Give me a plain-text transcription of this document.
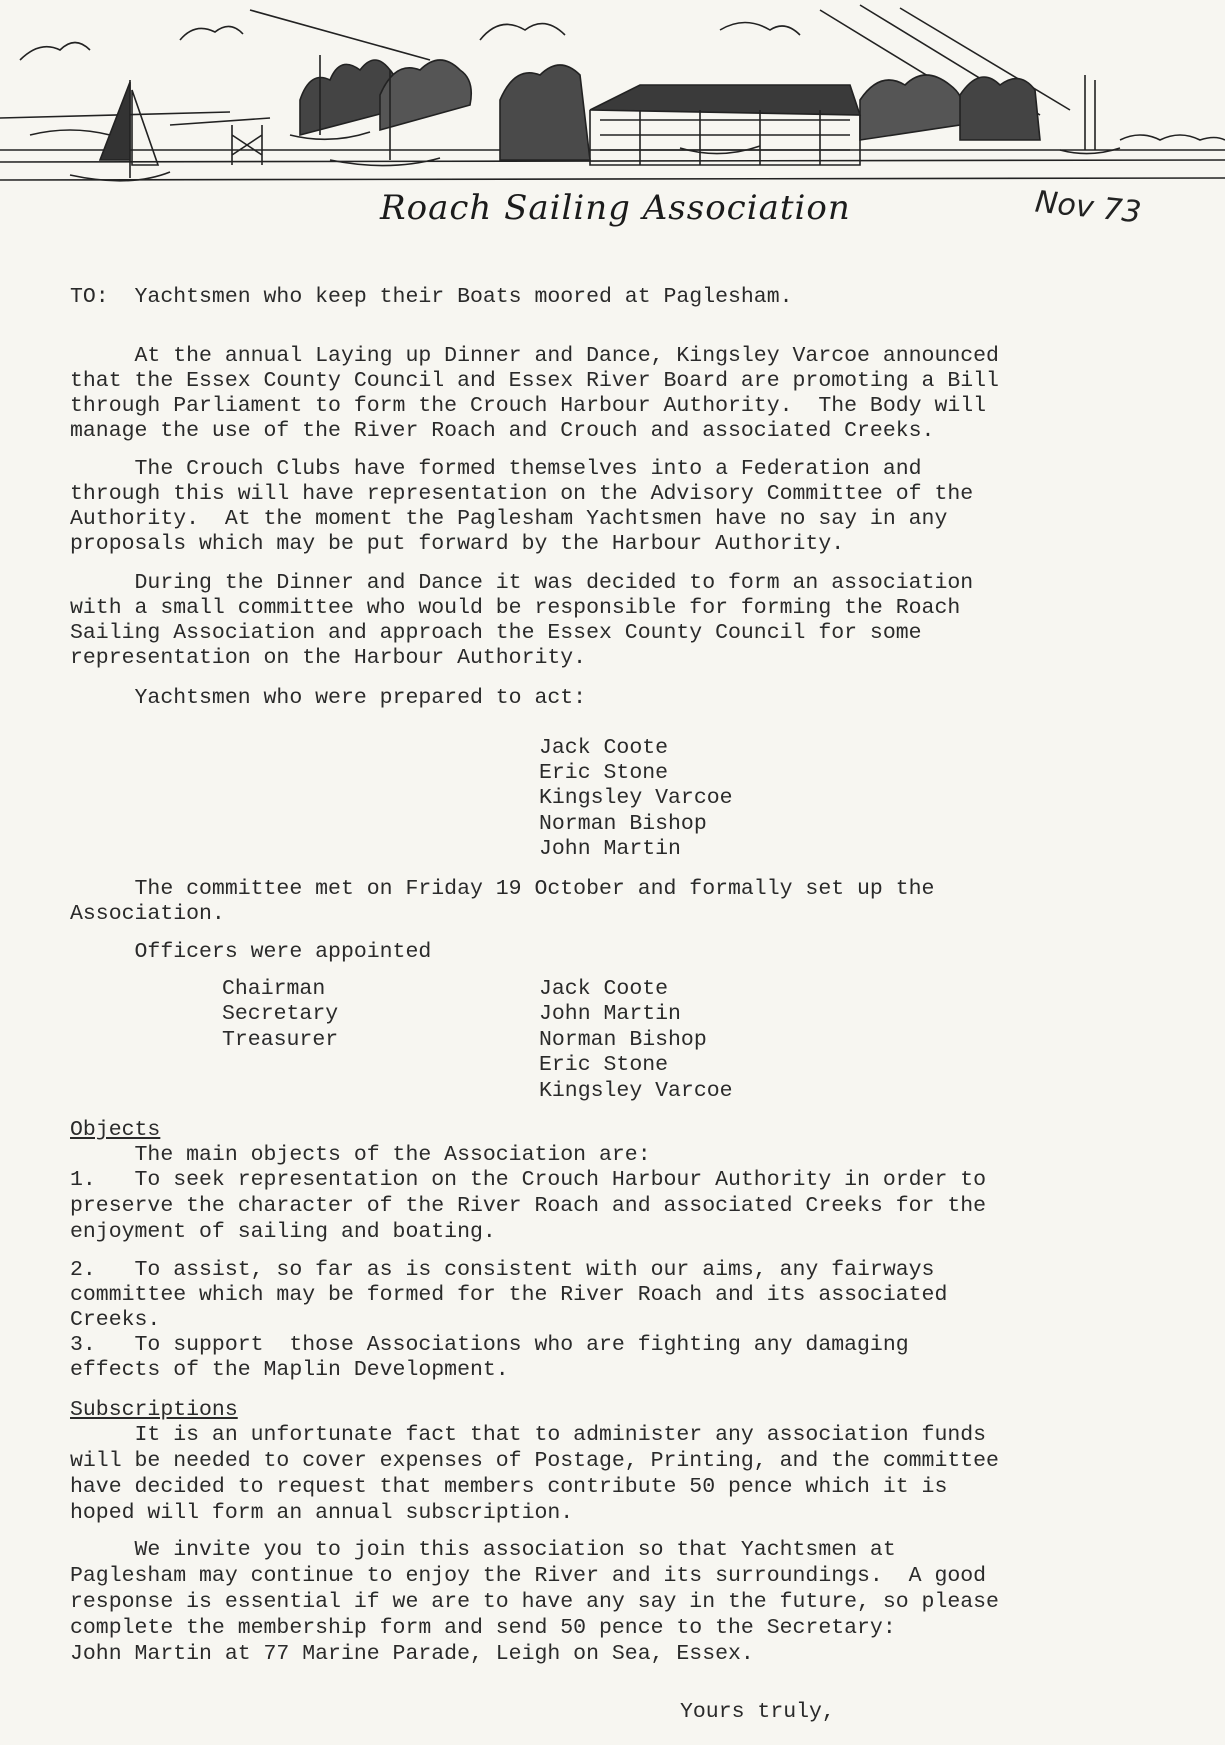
Roach Sailing Association	Nov 73
TO:  Yachtsmen who keep their Boats moored at Paglesham.
At the annual Laying up Dinner and Dance, Kingsley Varcoe announced
that the Essex County Council and Essex River Board are promoting a Bill
through Parliament to form the Crouch Harbour Authority.  The Body will
manage the use of the River Roach and Crouch and associated Creeks.
The Crouch Clubs have formed themselves into a Federation and
through this will have representation on the Advisory Committee of the
Authority.  At the moment the Paglesham Yachtsmen have no say in any
proposals which may be put forward by the Harbour Authority.
During the Dinner and Dance it was decided to form an association
with a small committee who would be responsible for forming the Roach
Sailing Association and approach the Essex County Council for some
representation on the Harbour Authority.
Yachtsmen who were prepared to act:
Jack Coote
Eric Stone
Kingsley Varcoe
Norman Bishop
John Martin
The committee met on Friday 19 October and formally set up the
Association.
Officers were appointed
Chairman
Secretary
Treasurer
Jack Coote
John Martin
Norman Bishop
Eric Stone
Kingsley Varcoe
Objects
The main objects of the Association are:
1.   To seek representation on the Crouch Harbour Authority in order to
preserve the character of the River Roach and associated Creeks for the
enjoyment of sailing and boating.
2.   To assist, so far as is consistent with our aims, any fairways
committee which may be formed for the River Roach and its associated
Creeks.
3.   To support  those Associations who are fighting any damaging
effects of the Maplin Development.
Subscriptions
It is an unfortunate fact that to administer any association funds
will be needed to cover expenses of Postage, Printing, and the committee
have decided to request that members contribute 50 pence which it is
hoped will form an annual subscription.
We invite you to join this association so that Yachtsmen at
Paglesham may continue to enjoy the River and its surroundings.  A good
response is essential if we are to have any say in the future, so please
complete the membership form and send 50 pence to the Secretary:
John Martin at 77 Marine Parade, Leigh on Sea, Essex.
Yours truly,
